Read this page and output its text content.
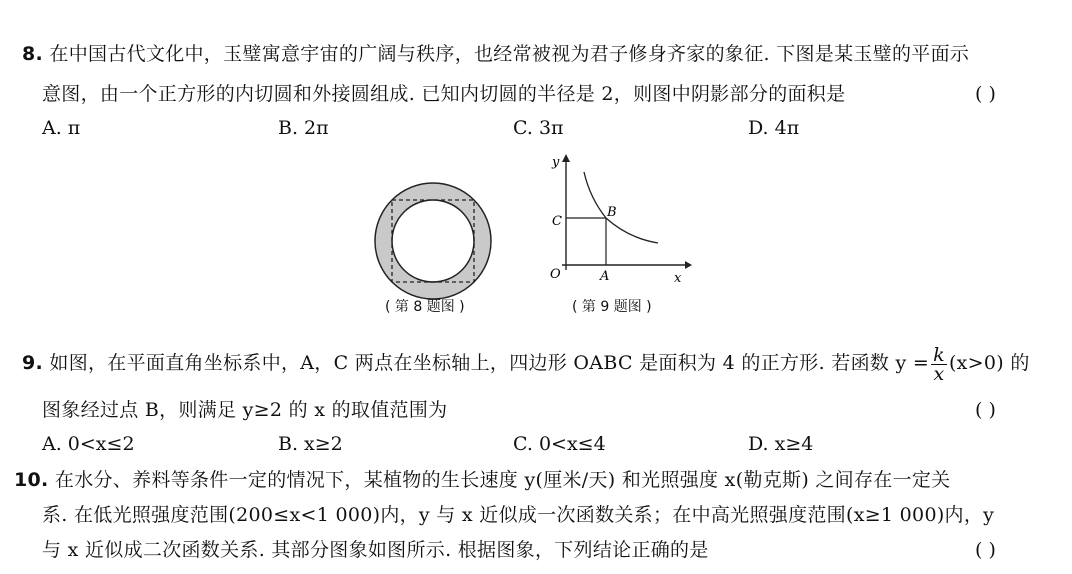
8. 在中国古代文化中，玉璧寓意宇宙的广阔与秩序，也经常被视为君子修身齐家的象征. 下图是某玉璧的平面示
意图，由一个正方形的内切圆和外接圆组成. 已知内切圆的半径是 2，则图中阴影部分的面积是	( )
A. π	B. 2π	C. 3π	D. 4π
( 第 8 题图 )
y
x
O	A
B
C
( 第 9 题图 )
9. 如图，在平面直角坐标系中，A，C 两点在坐标轴上，四边形 OABC 是面积为 4 的正方形. 若函数 $y = \frac{k}{x} (x>0)$ 的
图象经过点 B，则满足 y≥2 的 x 的取值范围为	( )
A. 0<x≤2	B. x≥2	C. 0<x≤4	D. x≥4
10. 在水分、养料等条件一定的情况下，某植物的生长速度 y(厘米/天) 和光照强度 x(勒克斯) 之间存在一定关
系. 在低光照强度范围(200≤x<1 000)内，y 与 x 近似成一次函数关系；在中高光照强度范围(x≥1 000)内，y
与 x 近似成二次函数关系. 其部分图象如图所示. 根据图象，下列结论正确的是	( )
